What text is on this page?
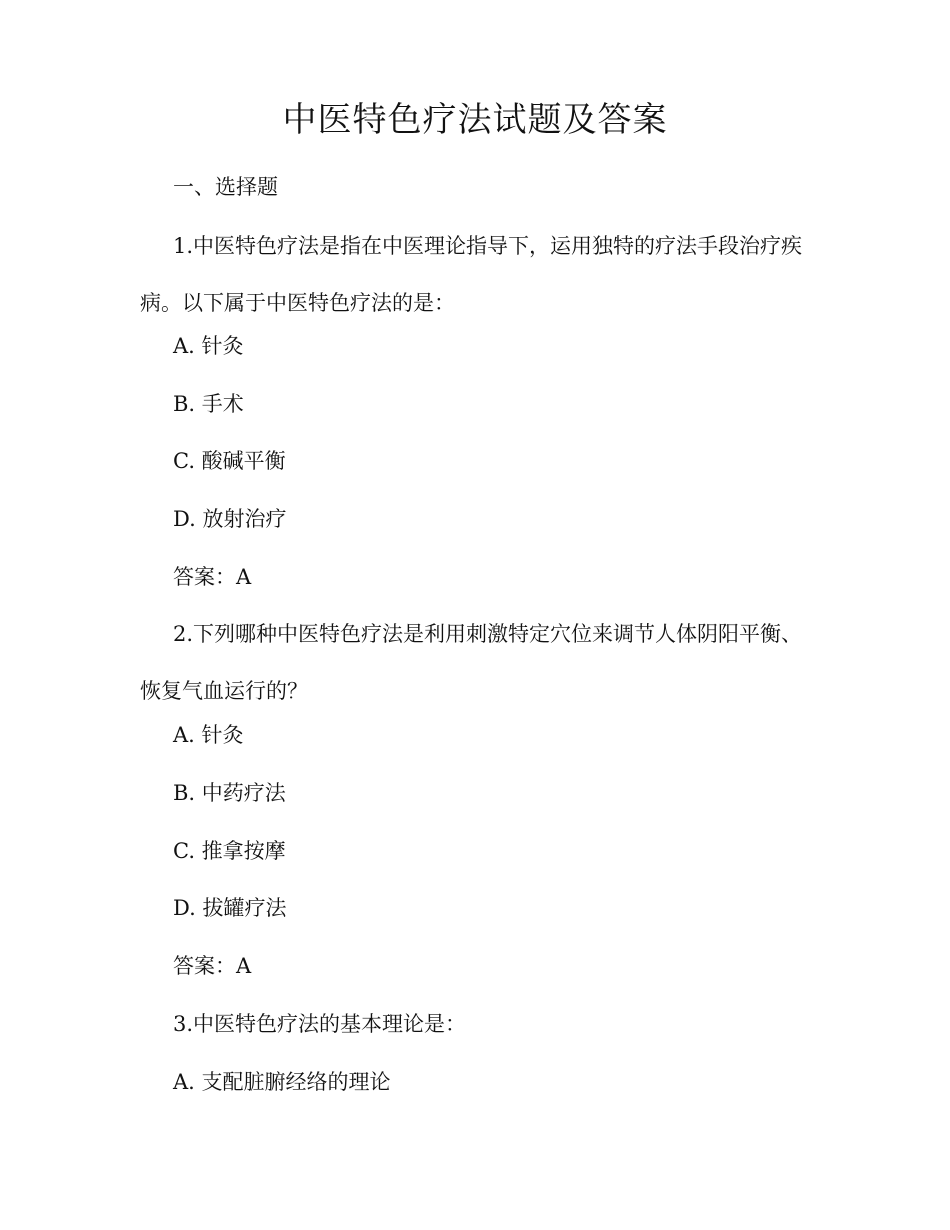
中医特色疗法试题及答案

一、选择题

1.中医特色疗法是指在中医理论指导下，运用独特的疗法手段治疗疾病。以下属于中医特色疗法的是：

A. 针灸

B. 手术

C. 酸碱平衡

D. 放射治疗

答案：A

2.下列哪种中医特色疗法是利用刺激特定穴位来调节人体阴阳平衡、恢复气血运行的？

A. 针灸

B. 中药疗法

C. 推拿按摩

D. 拔罐疗法

答案：A

3.中医特色疗法的基本理论是：

A. 支配脏腑经络的理论
